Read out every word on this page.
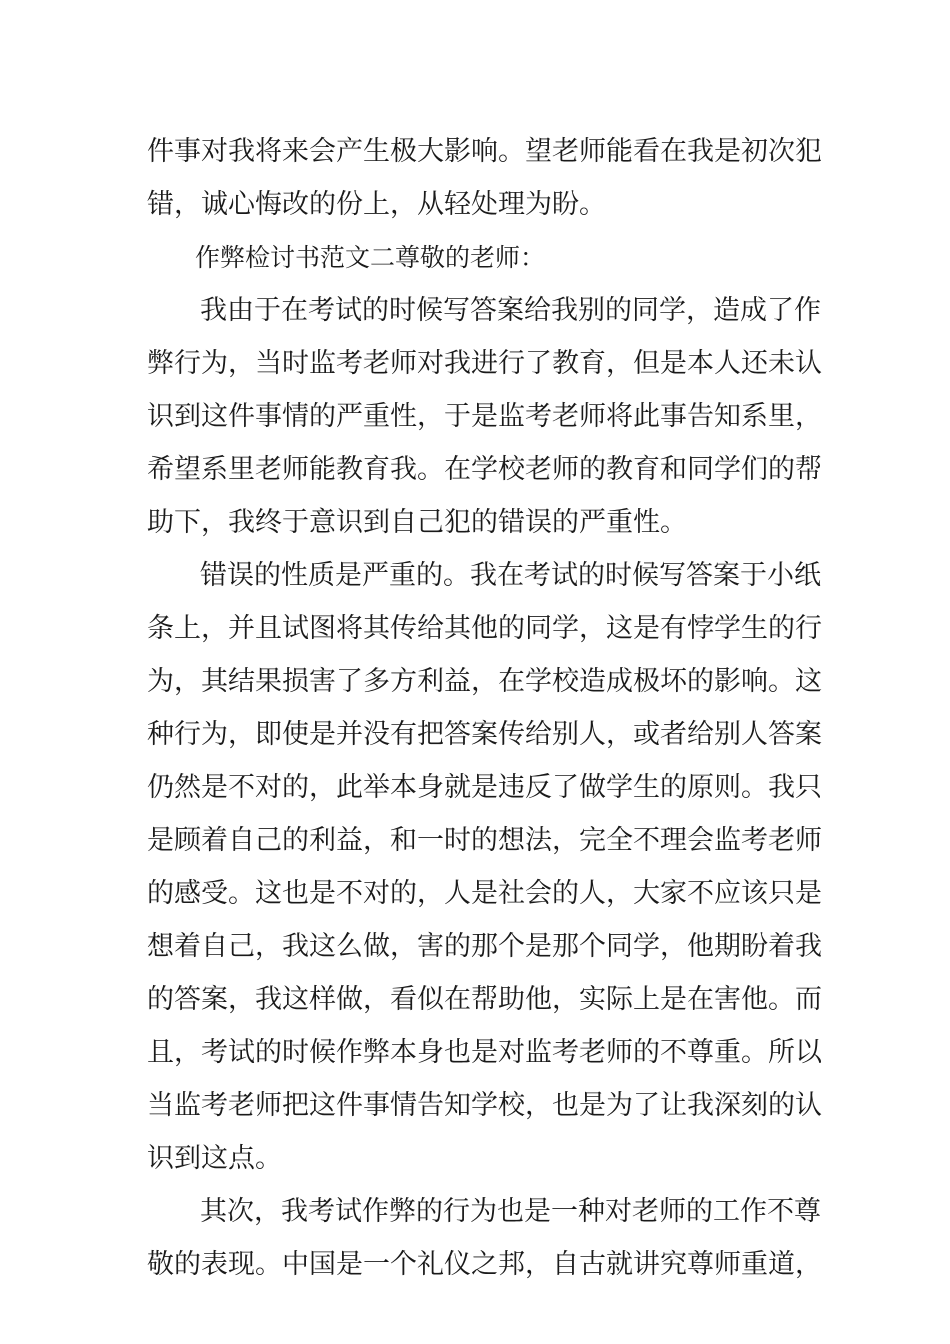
件事对我将来会产生极大影响。望老师能看在我是初次犯
错，诚心悔改的份上，从轻处理为盼。
作弊检讨书范文二尊敬的老师：
我由于在考试的时候写答案给我别的同学，造成了作
弊行为，当时监考老师对我进行了教育，但是本人还未认
识到这件事情的严重性，于是监考老师将此事告知系里，
希望系里老师能教育我。在学校老师的教育和同学们的帮
助下，我终于意识到自己犯的错误的严重性。
错误的性质是严重的。我在考试的时候写答案于小纸
条上，并且试图将其传给其他的同学，这是有悖学生的行
为，其结果损害了多方利益，在学校造成极坏的影响。这
种行为，即使是并没有把答案传给别人，或者给别人答案
仍然是不对的，此举本身就是违反了做学生的原则。我只
是顾着自己的利益，和一时的想法，完全不理会监考老师
的感受。这也是不对的，人是社会的人，大家不应该只是
想着自己，我这么做，害的那个是那个同学，他期盼着我
的答案，我这样做，看似在帮助他，实际上是在害他。而
且，考试的时候作弊本身也是对监考老师的不尊重。所以
当监考老师把这件事情告知学校，也是为了让我深刻的认
识到这点。
其次，我考试作弊的行为也是一种对老师的工作不尊
敬的表现。中国是一个礼仪之邦，自古就讲究尊师重道，
